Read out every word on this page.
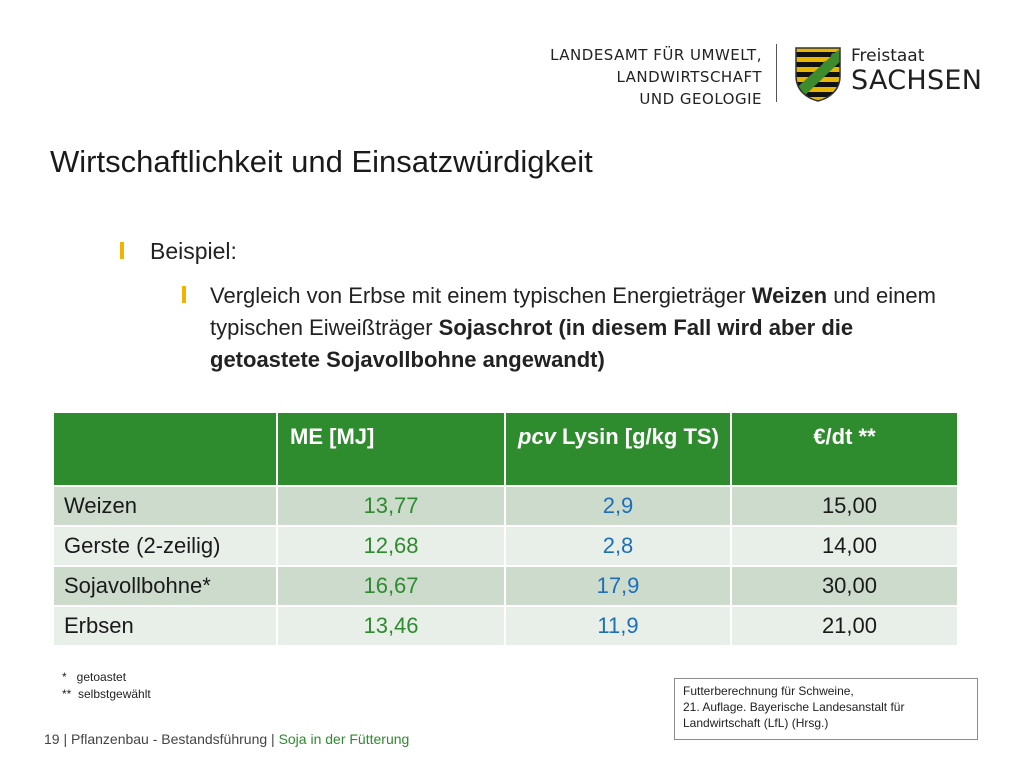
LANDESAMT FÜR UMWELT,
LANDWIRTSCHAFT
UND GEOLOGIE
Freistaat
SACHSEN
Wirtschaftlichkeit und Einsatzwürdigkeit
Beispiel:
Vergleich von Erbse mit einem typischen Energieträger Weizen und einem typischen Eiweißträger Sojaschrot (in diesem Fall wird aber die getoastete Sojavollbohne angewandt)
	ME [MJ]	pcv Lysin [g/kg TS)	€/dt **
Weizen	13,77	2,9	15,00
Gerste (2-zeilig)	12,68	2,8	14,00
Sojavollbohne*	16,67	17,9	30,00
Erbsen	13,46	11,9	21,00
*   getoastet
**  selbstgewählt	Futterberechnung für Schweine,
21. Auflage. Bayerische Landesanstalt für
Landwirtschaft (LfL) (Hrsg.)
19 | Pflanzenbau - Bestandsführung | Soja in der Fütterung
